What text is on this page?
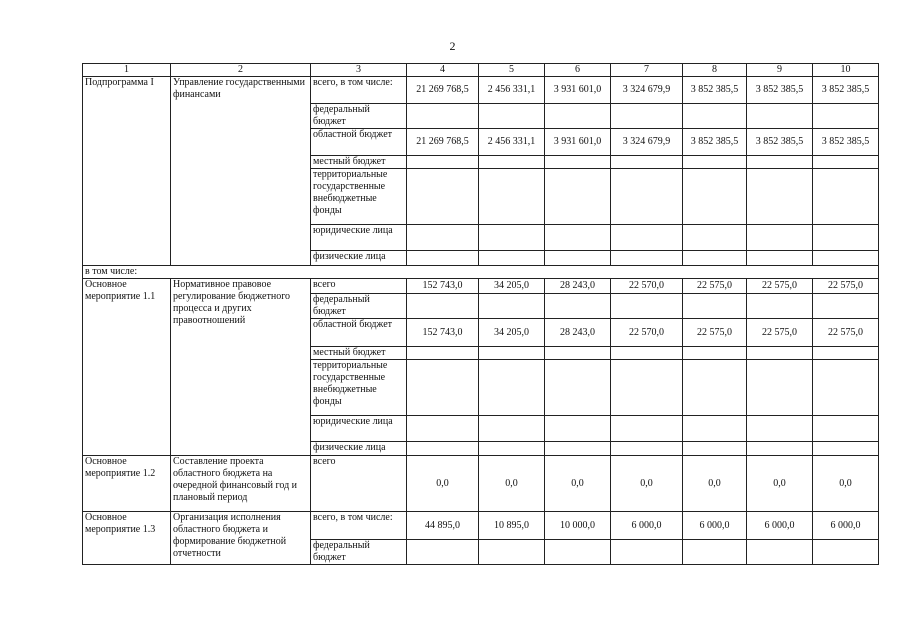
2
1	2	3	4	5	6	7	8	9	10
Подпрограмма I	Управление государственными финансами	всего, в том числе:	21 269 768,5	2 456 331,1	3 931 601,0	3 324 679,9	3 852 385,5	3 852 385,5	3 852 385,5
		федеральный бюджет							
		областной бюджет	21 269 768,5	2 456 331,1	3 931 601,0	3 324 679,9	3 852 385,5	3 852 385,5	3 852 385,5
		местный бюджет							
		территориальные государственные внебюджетные фонды							
		юридические лица							
		физические лица							
в том числе:									
Основное мероприятие 1.1	Нормативное правовое регулирование бюджетного процесса и других правоотношений	всего	152 743,0	34 205,0	28 243,0	22 570,0	22 575,0	22 575,0	22 575,0
		федеральный бюджет							
		областной бюджет	152 743,0	34 205,0	28 243,0	22 570,0	22 575,0	22 575,0	22 575,0
		местный бюджет							
		территориальные государственные внебюджетные фонды							
		юридические лица							
		физические лица							
Основное мероприятие 1.2	Составление проекта областного бюджета на очередной финансовый год и плановый период	всего	0,0	0,0	0,0	0,0	0,0	0,0	0,0
Основное мероприятие 1.3	Организация исполнения областного бюджета и формирование бюджетной отчетности	всего, в том числе:	44 895,0	10 895,0	10 000,0	6 000,0	6 000,0	6 000,0	6 000,0
		федеральный бюджет							
